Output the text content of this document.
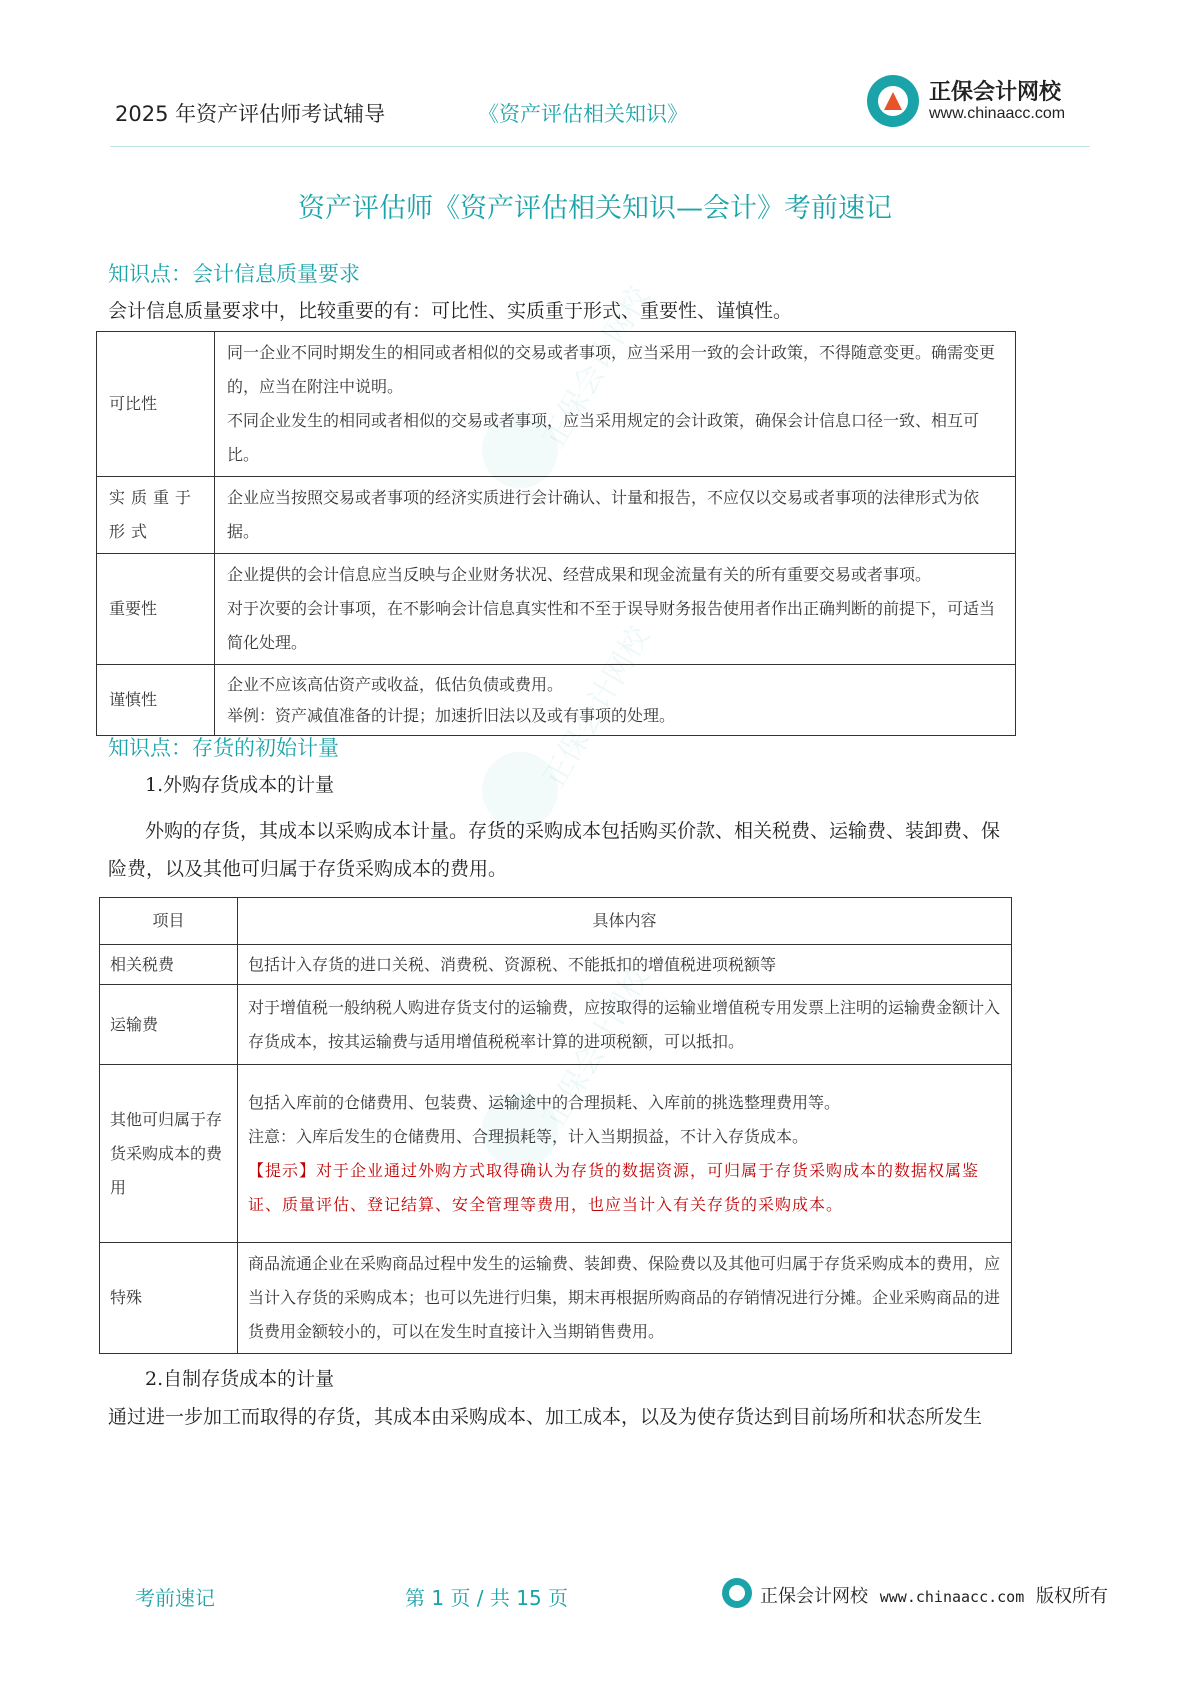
2025 年资产评估师考试辅导	《资产评估相关知识》
正保会计网校
www.chinaacc.com
正保会计网校
正保会计网校
正保会计网校
资产评估师《资产评估相关知识—会计》考前速记
知识点：会计信息质量要求
会计信息质量要求中，比较重要的有：可比性、实质重于形式、重要性、谨慎性。
可比性	同一企业不同时期发生的相同或者相似的交易或者事项，应当采用一致的会计政策，不得随意变更。确需变更的，应当在附注中说明。
不同企业发生的相同或者相似的交易或者事项，应当采用规定的会计政策，确保会计信息口径一致、相互可比。

实质重于形式	企业应当按照交易或者事项的经济实质进行会计确认、计量和报告，不应仅以交易或者事项的法律形式为依据。

重要性	企业提供的会计信息应当反映与企业财务状况、经营成果和现金流量有关的所有重要交易或者事项。
对于次要的会计事项，在不影响会计信息真实性和不至于误导财务报告使用者作出正确判断的前提下，可适当简化处理。

谨慎性	企业不应该高估资产或收益，低估负债或费用。
举例：资产减值准备的计提；加速折旧法以及或有事项的处理。
知识点：存货的初始计量
1.外购存货成本的计量
外购的存货，其成本以采购成本计量。存货的采购成本包括购买价款、相关税费、运输费、装卸费、保险费，以及其他可归属于存货采购成本的费用。
项目	具体内容
相关税费	包括计入存货的进口关税、消费税、资源税、不能抵扣的增值税进项税额等

运输费	对于增值税一般纳税人购进存货支付的运输费，应按取得的运输业增值税专用发票上注明的运输费金额计入存货成本，按其运输费与适用增值税税率计算的进项税额，可以抵扣。

其他可归属于存货采购成本的费用	包括入库前的仓储费用、包装费、运输途中的合理损耗、入库前的挑选整理费用等。
注意：入库后发生的仓储费用、合理损耗等，计入当期损益，不计入存货成本。
【提示】对于企业通过外购方式取得确认为存货的数据资源，可归属于存货采购成本的数据权属鉴证、质量评估、登记结算、安全管理等费用，也应当计入有关存货的采购成本。

特殊	商品流通企业在采购商品过程中发生的运输费、装卸费、保险费以及其他可归属于存货采购成本的费用，应当计入存货的采购成本；也可以先进行归集，期末再根据所购商品的存销情况进行分摊。企业采购商品的进货费用金额较小的，可以在发生时直接计入当期销售费用。
2.自制存货成本的计量
通过进一步加工而取得的存货，其成本由采购成本、加工成本，以及为使存货达到目前场所和状态所发生
考前速记	第 1 页 / 共 15 页	正保会计网校 www.chinaacc.com 版权所有
